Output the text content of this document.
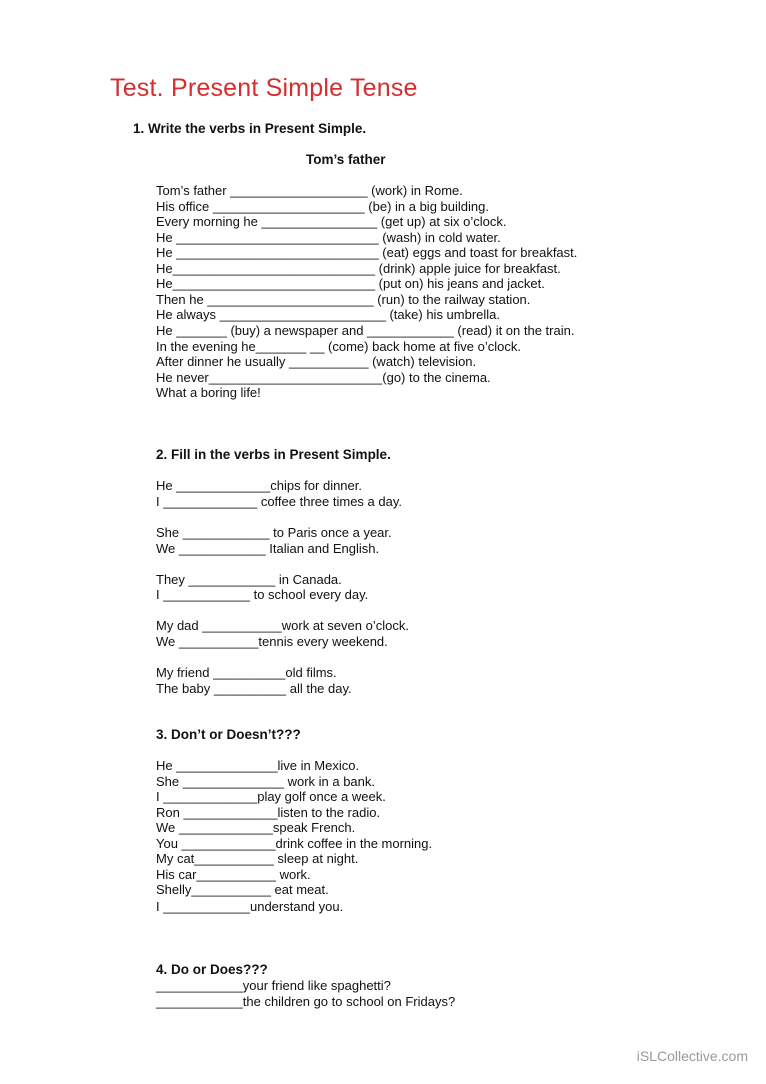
Test. Present Simple Tense
1. Write the verbs in Present Simple.
Tom’s father
Tom’s father ___________________ (work) in Rome.
His office _____________________ (be) in a big building.
Every morning he ________________ (get up) at six o’clock.
He ____________________________ (wash) in cold water.
He ____________________________ (eat) eggs and toast for breakfast.
He____________________________ (drink) apple juice for breakfast.
He____________________________ (put on) his jeans and jacket.
Then he _______________________ (run) to the railway station.
He always _______________________ (take) his umbrella.
He _______ (buy) a newspaper and ____________ (read) it on the train.
In the evening he_______ __ (come) back home at five o’clock.
After dinner he usually ___________ (watch) television.
He never________________________(go) to the cinema.
What a boring life!
2. Fill in the verbs in Present Simple.
He _____________chips for dinner.
I _____________ coffee three times a day.
She ____________ to Paris once a year.
We ____________ Italian and English.
They ____________ in Canada.
I ____________ to school every day.
My dad ___________work at seven o’clock.
We ___________tennis every weekend.
My friend __________old films.
The baby __________ all the day.
3. Don’t or Doesn’t???
He ______________live in Mexico.
She ______________ work in a bank.
I _____________play golf once a week.
Ron _____________listen to the radio.
We _____________speak French.
You _____________drink coffee in the morning.
My cat___________ sleep at night.
His car___________ work.
Shelly___________ eat meat.
I ____________understand you.
4. Do or Does???
____________your friend like spaghetti?
____________the children go to school on Fridays?
iSLCollective.com
